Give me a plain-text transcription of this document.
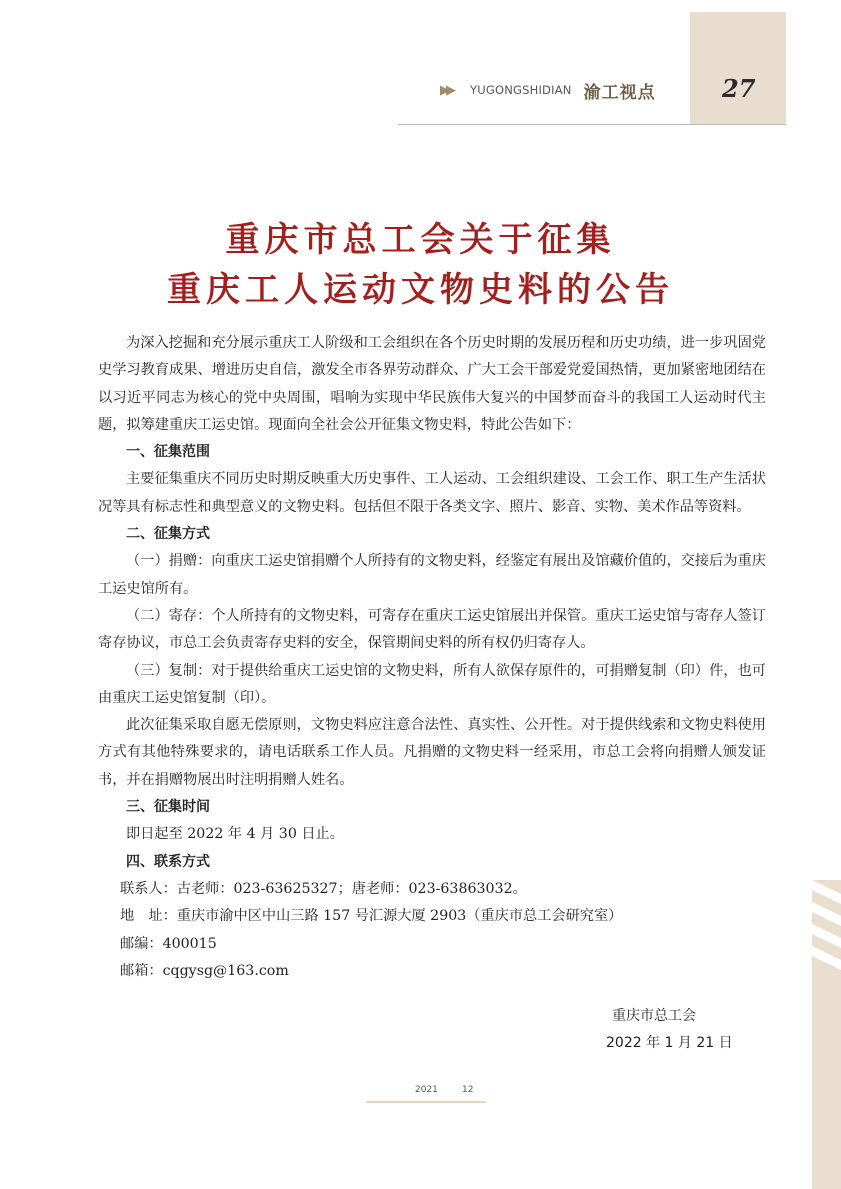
▶▶ YUGONGSHIDIAN 渝工视点	27
重庆市总工会关于征集
重庆工人运动文物史料的公告

为深入挖掘和充分展示重庆工人阶级和工会组织在各个历史时期的发展历程和历史功绩，进一步巩固党史学习教育成果、增进历史自信，激发全市各界劳动群众、广大工会干部爱党爱国热情，更加紧密地团结在以习近平同志为核心的党中央周围，唱响为实现中华民族伟大复兴的中国梦而奋斗的我国工人运动时代主题，拟筹建重庆工运史馆。现面向全社会公开征集文物史料，特此公告如下：

一、征集范围

主要征集重庆不同历史时期反映重大历史事件、工人运动、工会组织建设、工会工作、职工生产生活状况等具有标志性和典型意义的文物史料。包括但不限于各类文字、照片、影音、实物、美术作品等资料。

二、征集方式

（一）捐赠：向重庆工运史馆捐赠个人所持有的文物史料，经鉴定有展出及馆藏价值的，交接后为重庆工运史馆所有。

（二）寄存：个人所持有的文物史料，可寄存在重庆工运史馆展出并保管。重庆工运史馆与寄存人签订寄存协议，市总工会负责寄存史料的安全，保管期间史料的所有权仍归寄存人。

（三）复制：对于提供给重庆工运史馆的文物史料，所有人欲保存原件的，可捐赠复制（印）件，也可由重庆工运史馆复制（印）。

此次征集采取自愿无偿原则，文物史料应注意合法性、真实性、公开性。对于提供线索和文物史料使用方式有其他特殊要求的，请电话联系工作人员。凡捐赠的文物史料一经采用，市总工会将向捐赠人颁发证书，并在捐赠物展出时注明捐赠人姓名。

三、征集时间

即日起至 2022 年 4 月 30 日止。

四、联系方式

联系人：古老师：023-63625327；唐老师：023-63863032。

地　址：重庆市渝中区中山三路 157 号汇源大厦 2903（重庆市总工会研究室）

邮编：400015

邮箱：cqgysg@163.com

重庆市总工会
2022 年 1 月 21 日
2021	12
